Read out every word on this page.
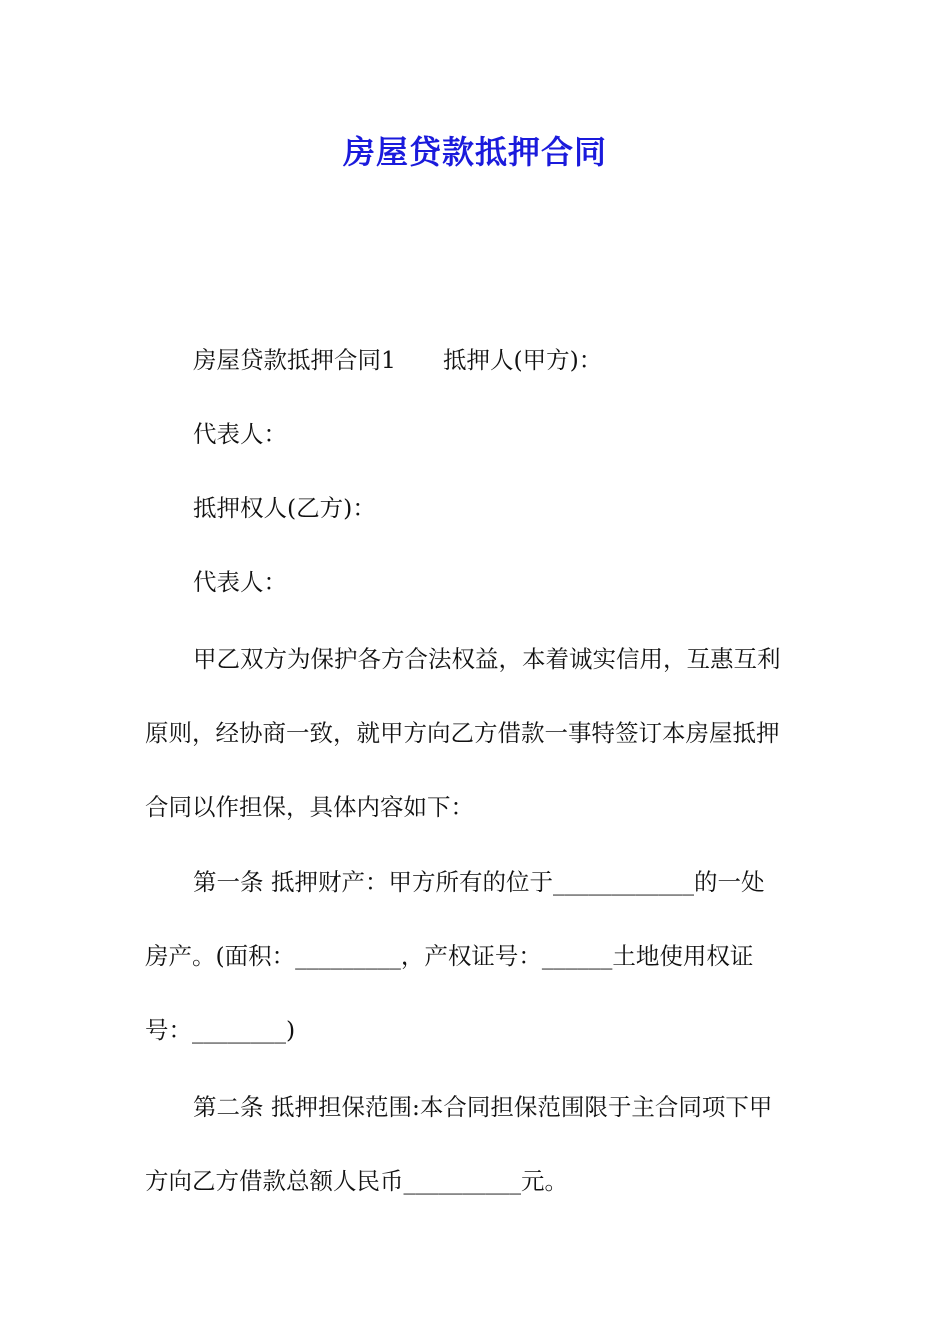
房屋贷款抵押合同
房屋贷款抵押合同1　　抵押人(甲方)：
代表人：
抵押权人(乙方)：
代表人：
甲乙双方为保护各方合法权益，本着诚实信用，互惠互利
原则，经协商一致，就甲方向乙方借款一事特签订本房屋抵押
合同以作担保，具体内容如下：
第一条 抵押财产：甲方所有的位于____________的一处
房产。(面积：_________，产权证号：______土地使用权证
号：________)
第二条 抵押担保范围:本合同担保范围限于主合同项下甲
方向乙方借款总额人民币__________元。
